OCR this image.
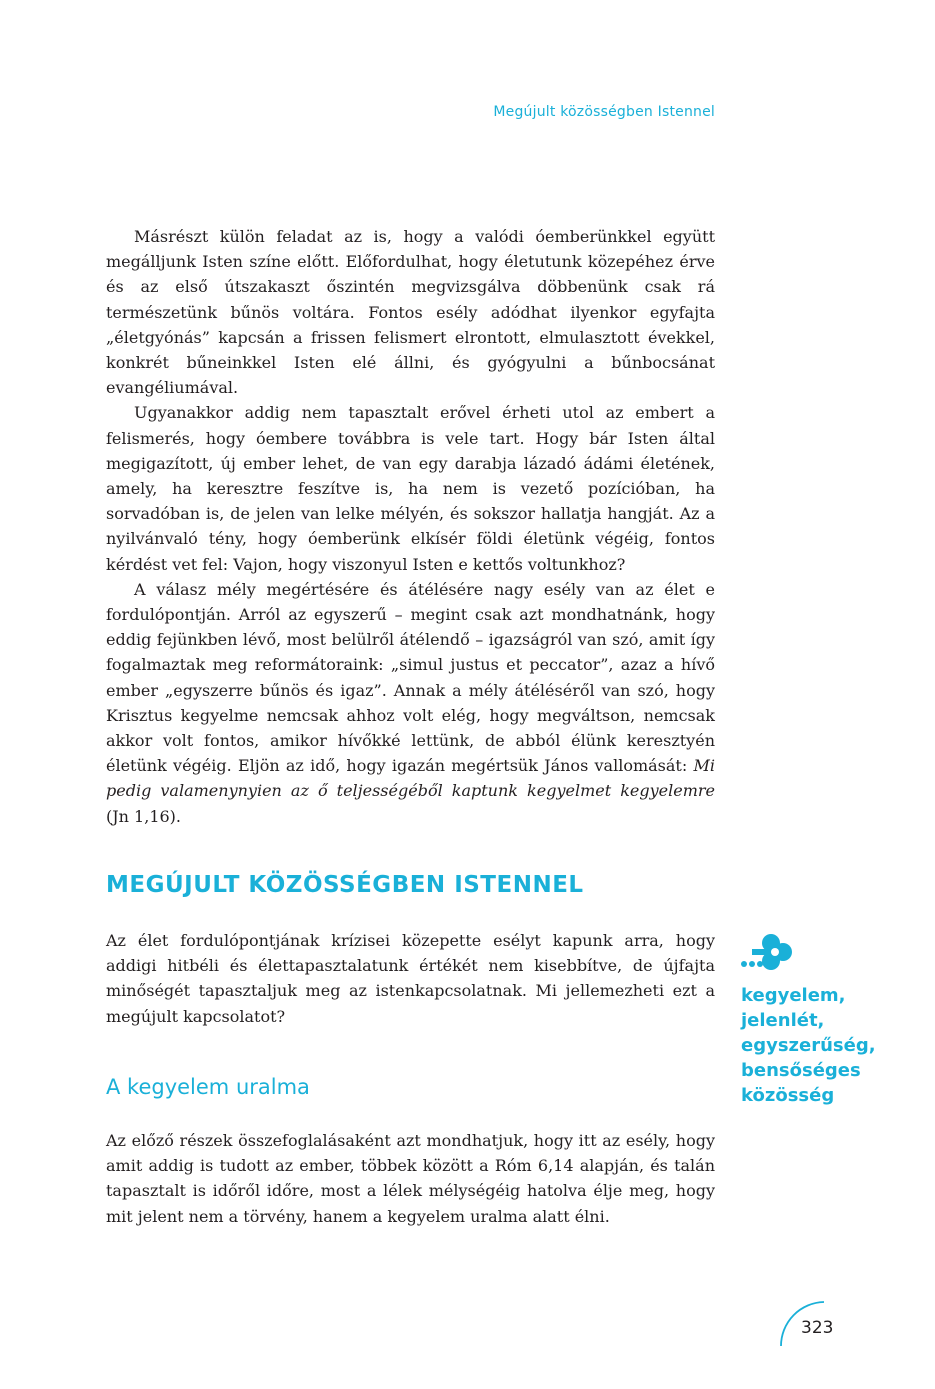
Megújult közösségben Istennel

Másrészt külön feladat az is, hogy a valódi óemberünkkel együtt megálljunk Isten színe előtt. Előfordulhat, hogy életutunk közepéhez érve és az első útszakaszt őszintén megvizsgálva döbbenünk csak rá természetünk bűnös voltára. Fontos esély adódhat ilyenkor egyfajta „életgyónás” kapcsán a frissen felismert elrontott, elmulasztott évekkel, konkrét bűneinkkel Isten elé állni, és gyógyulni a bűnbocsánat evangéliumával.

Ugyanakkor addig nem tapasztalt erővel érheti utol az embert a felismerés, hogy óembere továbbra is vele tart. Hogy bár Isten által megigazított, új ember lehet, de van egy darabja lázadó ádámi életének, amely, ha keresztre feszítve is, ha nem is vezető pozícióban, ha sorvadóban is, de jelen van lelke mélyén, és sokszor hallatja hangját. Az a nyilvánvaló tény, hogy óemberünk elkísér földi életünk végéig, fontos kérdést vet fel: Vajon, hogy viszonyul Isten e kettős voltunkhoz?

A válasz mély megértésére és átélésére nagy esély van az élet e fordulópontján. Arról az egyszerű – megint csak azt mondhatnánk, hogy eddig fejünkben lévő, most belülről átélendő – igazságról van szó, amit így fogalmaztak meg reformátoraink: „simul justus et peccator”, azaz a hívő ember „egyszerre bűnös és igaz”. Annak a mély átéléséről van szó, hogy Krisztus kegyelme nemcsak ahhoz volt elég, hogy megváltson, nemcsak akkor volt fontos, amikor hívőkké lettünk, de abból élünk keresztyén életünk végéig. Eljön az idő, hogy igazán megértsük János vallomását: Mi pedig valamenynyien az ő teljességéből kaptunk kegyelmet kegyelemre (Jn 1,16).

MEGÚJULT KÖZÖSSÉGBEN ISTENNEL

Az élet fordulópontjának krízisei közepette esélyt kapunk arra, hogy addigi hitbéli és élettapasztalatunk értékét nem kisebbítve, de újfajta minőségét tapasztaljuk meg az istenkapcsolatnak. Mi jellemezheti ezt a megújult kapcsolatot?

A kegyelem uralma

Az előző részek összefoglalásaként azt mondhatjuk, hogy itt az esély, hogy amit addig is tudott az ember, többek között a Róm 6,14 alapján, és talán tapasztalt is időről időre, most a lélek mélységéig hatolva élje meg, hogy mit jelent nem a törvény, hanem a kegyelem uralma alatt élni.

kegyelem,
jelenlét,
egyszerűség,
bensőséges
közösség
323
